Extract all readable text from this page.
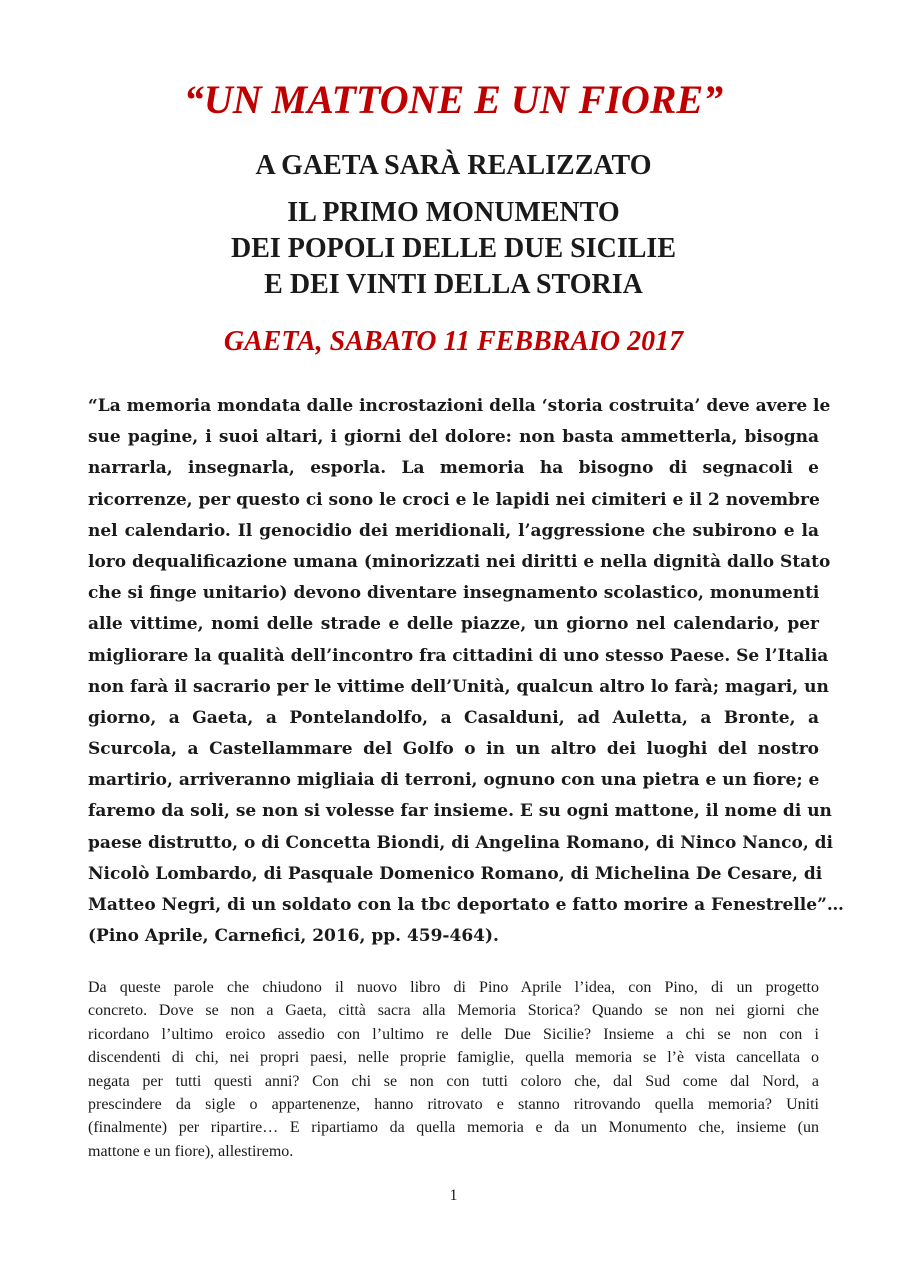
“UN MATTONE E UN FIORE”
A GAETA SARÀ REALIZZATO
IL PRIMO MONUMENTO
DEI POPOLI DELLE DUE SICILIE
E DEI VINTI DELLA STORIA

GAETA, SABATO 11 FEBBRAIO 2017

“La memoria mondata dalle incrostazioni della ‘storia costruita’ deve avere le
sue pagine, i suoi altari, i giorni del dolore: non basta ammetterla, bisogna
narrarla, insegnarla, esporla. La memoria ha bisogno di segnacoli e
ricorrenze, per questo ci sono le croci e le lapidi nei cimiteri e il 2 novembre
nel calendario. Il genocidio dei meridionali, l’aggressione che subirono e la
loro dequalificazione umana (minorizzati nei diritti e nella dignità dallo Stato
che si finge unitario) devono diventare insegnamento scolastico, monumenti
alle vittime, nomi delle strade e delle piazze, un giorno nel calendario, per
migliorare la qualità dell’incontro fra cittadini di uno stesso Paese. Se l’Italia
non farà il sacrario per le vittime dell’Unità, qualcun altro lo farà; magari, un
giorno, a Gaeta, a Pontelandolfo, a Casalduni, ad Auletta, a Bronte, a
Scurcola, a Castellammare del Golfo o in un altro dei luoghi del nostro
martirio, arriveranno migliaia di terroni, ognuno con una pietra e un fiore; e
faremo da soli, se non si volesse far insieme. E su ogni mattone, il nome di un
paese distrutto, o di Concetta Biondi, di Angelina Romano, di Ninco Nanco, di
Nicolò Lombardo, di Pasquale Domenico Romano, di Michelina De Cesare, di
Matteo Negri, di un soldato con la tbc deportato e fatto morire a Fenestrelle”…
(Pino Aprile, Carnefici, 2016, pp. 459-464).
Da queste parole che chiudono il nuovo libro di Pino Aprile l’idea, con Pino, di un progetto
concreto. Dove se non a Gaeta, città sacra alla Memoria Storica? Quando se non nei giorni che
ricordano l’ultimo eroico assedio con l’ultimo re delle Due Sicilie? Insieme a chi se non con i
discendenti di chi, nei propri paesi, nelle proprie famiglie, quella memoria se l’è vista cancellata o
negata per tutti questi anni? Con chi se non con tutti coloro che, dal Sud come dal Nord, a
prescindere da sigle o appartenenze, hanno ritrovato e stanno ritrovando quella memoria? Uniti
(finalmente) per ripartire… E ripartiamo da quella memoria e da un Monumento che, insieme (un
mattone e un fiore), allestiremo.

1
